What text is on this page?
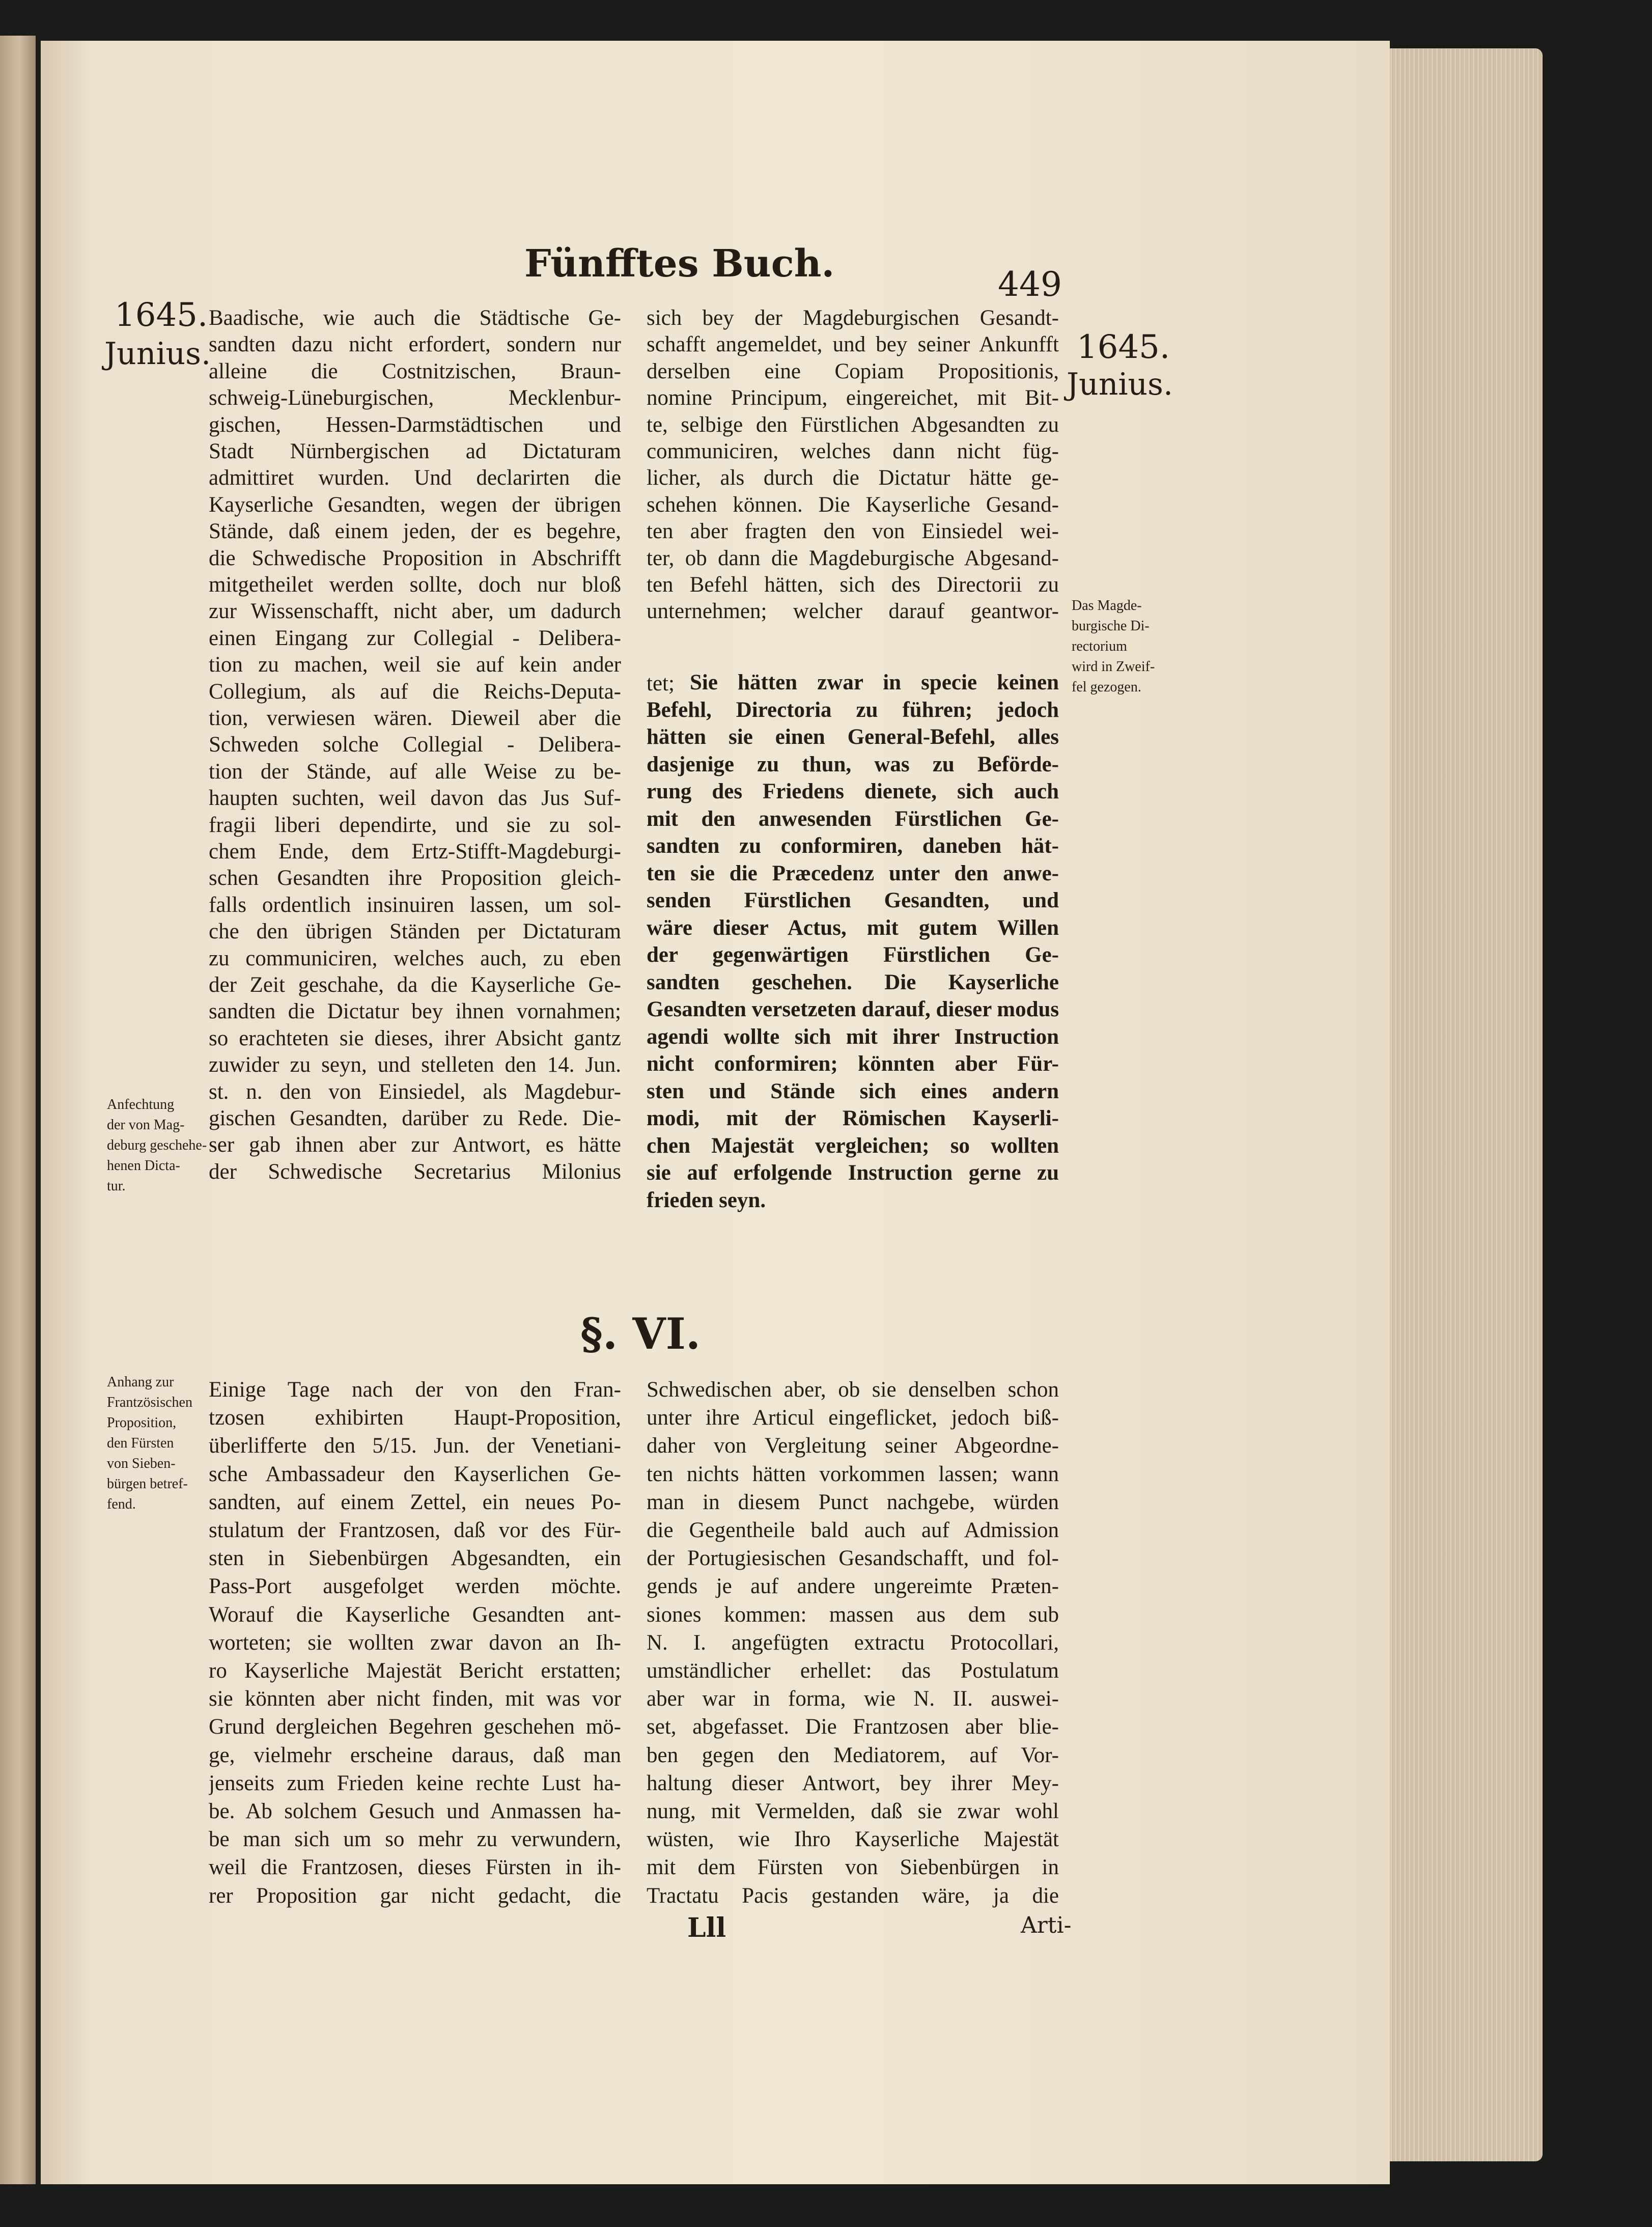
Fünfftes Buch.	449
1645.
Junius.	1645.
Junius.
Das Magde-
burgische Di-
rectorium
wird in Zweif-
fel gezogen.
Anfechtung
der von Mag-
deburg geschehe-
henen Dicta-
tur.
Anhang zur
Frantzösischen
Proposition,
den Fürsten
von Sieben-
bürgen betref-
fend.
Baadische, wie auch die Städtische Ge-
sandten dazu nicht erfordert, sondern nur
alleine die Costnitzischen, Braun-
schweig-Lüneburgischen, Mecklenbur-
gischen, Hessen-Darmstädtischen und
Stadt Nürnbergischen ad Dictaturam
admittiret wurden. Und declarirten die
Kayserliche Gesandten, wegen der übrigen
Stände, daß einem jeden, der es begehre,
die Schwedische Proposition in Abschrifft
mitgetheilet werden sollte, doch nur bloß
zur Wissenschafft, nicht aber, um dadurch
einen Eingang zur Collegial - Delibera-
tion zu machen, weil sie auf kein ander
Collegium, als auf die Reichs-Deputa-
tion, verwiesen wären. Dieweil aber die
Schweden solche Collegial - Delibera-
tion der Stände, auf alle Weise zu be-
haupten suchten, weil davon das Jus Suf-
fragii liberi dependirte, und sie zu sol-
chem Ende, dem Ertz-Stifft-Magdeburgi-
schen Gesandten ihre Proposition gleich-
falls ordentlich insinuiren lassen, um sol-
che den übrigen Ständen per Dictaturam
zu communiciren, welches auch, zu eben
der Zeit geschahe, da die Kayserliche Ge-
sandten die Dictatur bey ihnen vornahmen;
so erachteten sie dieses, ihrer Absicht gantz
zuwider zu seyn, und stelleten den 14. Jun.
st. n. den von Einsiedel, als Magdebur-
gischen Gesandten, darüber zu Rede. Die-
ser gab ihnen aber zur Antwort, es hätte
der Schwedische Secretarius Milonius
sich bey der Magdeburgischen Gesandt-
schafft angemeldet, und bey seiner Ankunfft
derselben eine Copiam Propositionis,
nomine Principum, eingereichet, mit Bit-
te, selbige den Fürstlichen Abgesandten zu
communiciren, welches dann nicht füg-
licher, als durch die Dictatur hätte ge-
schehen können. Die Kayserliche Gesand-
ten aber fragten den von Einsiedel wei-
ter, ob dann die Magdeburgische Abgesand-
ten Befehl hätten, sich des Directorii zu
unternehmen; welcher darauf geantwor-
tet; Sie hätten zwar in specie keinen
Befehl, Directoria zu führen; jedoch
hätten sie einen General-Befehl, alles
dasjenige zu thun, was zu Beförde-
rung des Friedens dienete, sich auch
mit den anwesenden Fürstlichen Ge-
sandten zu conformiren, daneben hät-
ten sie die Præcedenz unter den anwe-
senden Fürstlichen Gesandten, und
wäre dieser Actus, mit gutem Willen
der gegenwärtigen Fürstlichen Ge-
sandten geschehen. Die Kayserliche
Gesandten versetzeten darauf, dieser modus
agendi wollte sich mit ihrer Instruction
nicht conformiren; könnten aber Für-
sten und Stände sich eines andern
modi, mit der Römischen Kayserli-
chen Majestät vergleichen; so wollten
sie auf erfolgende Instruction gerne zu
frieden seyn.
§. VI.
Einige Tage nach der von den Fran-
tzosen exhibirten Haupt-Proposition,
überlifferte den 5/15. Jun. der Venetiani-
sche Ambassadeur den Kayserlichen Ge-
sandten, auf einem Zettel, ein neues Po-
stulatum der Frantzosen, daß vor des Für-
sten in Siebenbürgen Abgesandten, ein
Pass-Port ausgefolget werden möchte.
Worauf die Kayserliche Gesandten ant-
worteten; sie wollten zwar davon an Ih-
ro Kayserliche Majestät Bericht erstatten;
sie könnten aber nicht finden, mit was vor
Grund dergleichen Begehren geschehen mö-
ge, vielmehr erscheine daraus, daß man
jenseits zum Frieden keine rechte Lust ha-
be. Ab solchem Gesuch und Anmassen ha-
be man sich um so mehr zu verwundern,
weil die Frantzosen, dieses Fürsten in ih-
rer Proposition gar nicht gedacht, die
Schwedischen aber, ob sie denselben schon
unter ihre Articul eingeflicket, jedoch biß-
daher von Vergleitung seiner Abgeordne-
ten nichts hätten vorkommen lassen; wann
man in diesem Punct nachgebe, würden
die Gegentheile bald auch auf Admission
der Portugiesischen Gesandschafft, und fol-
gends je auf andere ungereimte Præten-
siones kommen: massen aus dem sub
N. I. angefügten extractu Protocollari,
umständlicher erhellet: das Postulatum
aber war in forma, wie N. II. auswei-
set, abgefasset. Die Frantzosen aber blie-
ben gegen den Mediatorem, auf Vor-
haltung dieser Antwort, bey ihrer Mey-
nung, mit Vermelden, daß sie zwar wohl
wüsten, wie Ihro Kayserliche Majestät
mit dem Fürsten von Siebenbürgen in
Tractatu Pacis gestanden wäre, ja die
Lll	Arti-
